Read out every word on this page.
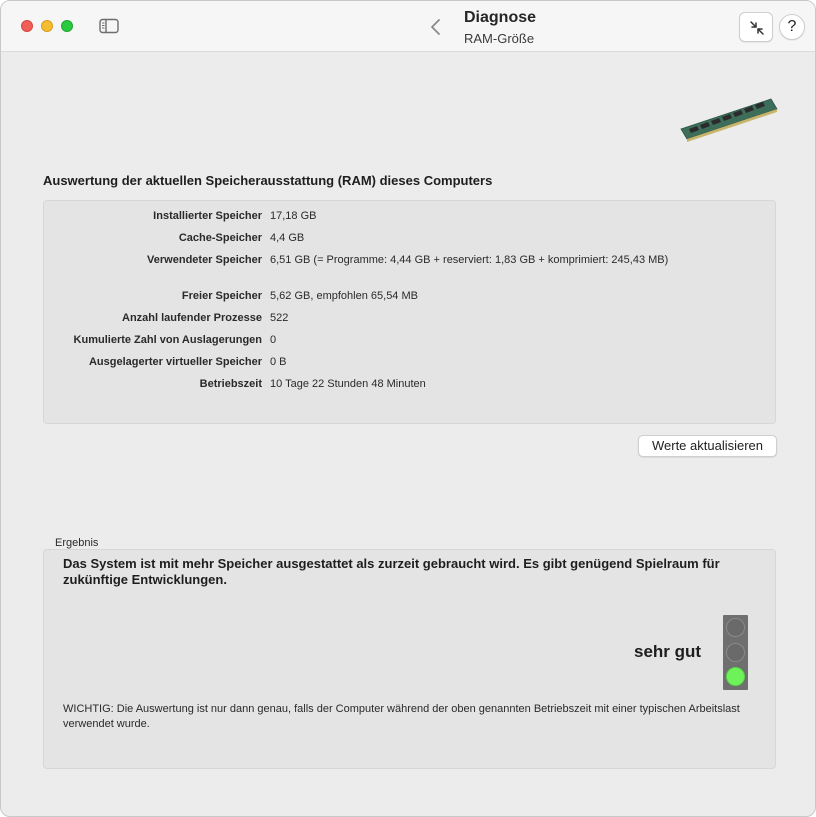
Diagnose
RAM-Größe
?
Auswertung der aktuellen Speicherausstattung (RAM) dieses Computers
Installierter Speicher 17,18 GB
Cache-Speicher 4,4 GB
Verwendeter Speicher 6,51 GB (= Programme: 4,44 GB + reserviert: 1,83 GB + komprimiert: 245,43 MB)
Freier Speicher 5,62 GB, empfohlen 65,54 MB
Anzahl laufender Prozesse 522
Kumulierte Zahl von Auslagerungen 0
Ausgelagerter virtueller Speicher 0 B
Betriebszeit 10 Tage 22 Stunden 48 Minuten
Werte aktualisieren
Ergebnis
Das System ist mit mehr Speicher ausgestattet als zurzeit gebraucht wird. Es gibt genügend Spielraum für zukünftige Entwicklungen.
sehr gut
WICHTIG: Die Auswertung ist nur dann genau, falls der Computer während der oben genannten Betriebszeit mit einer typischen Arbeitslast verwendet wurde.
